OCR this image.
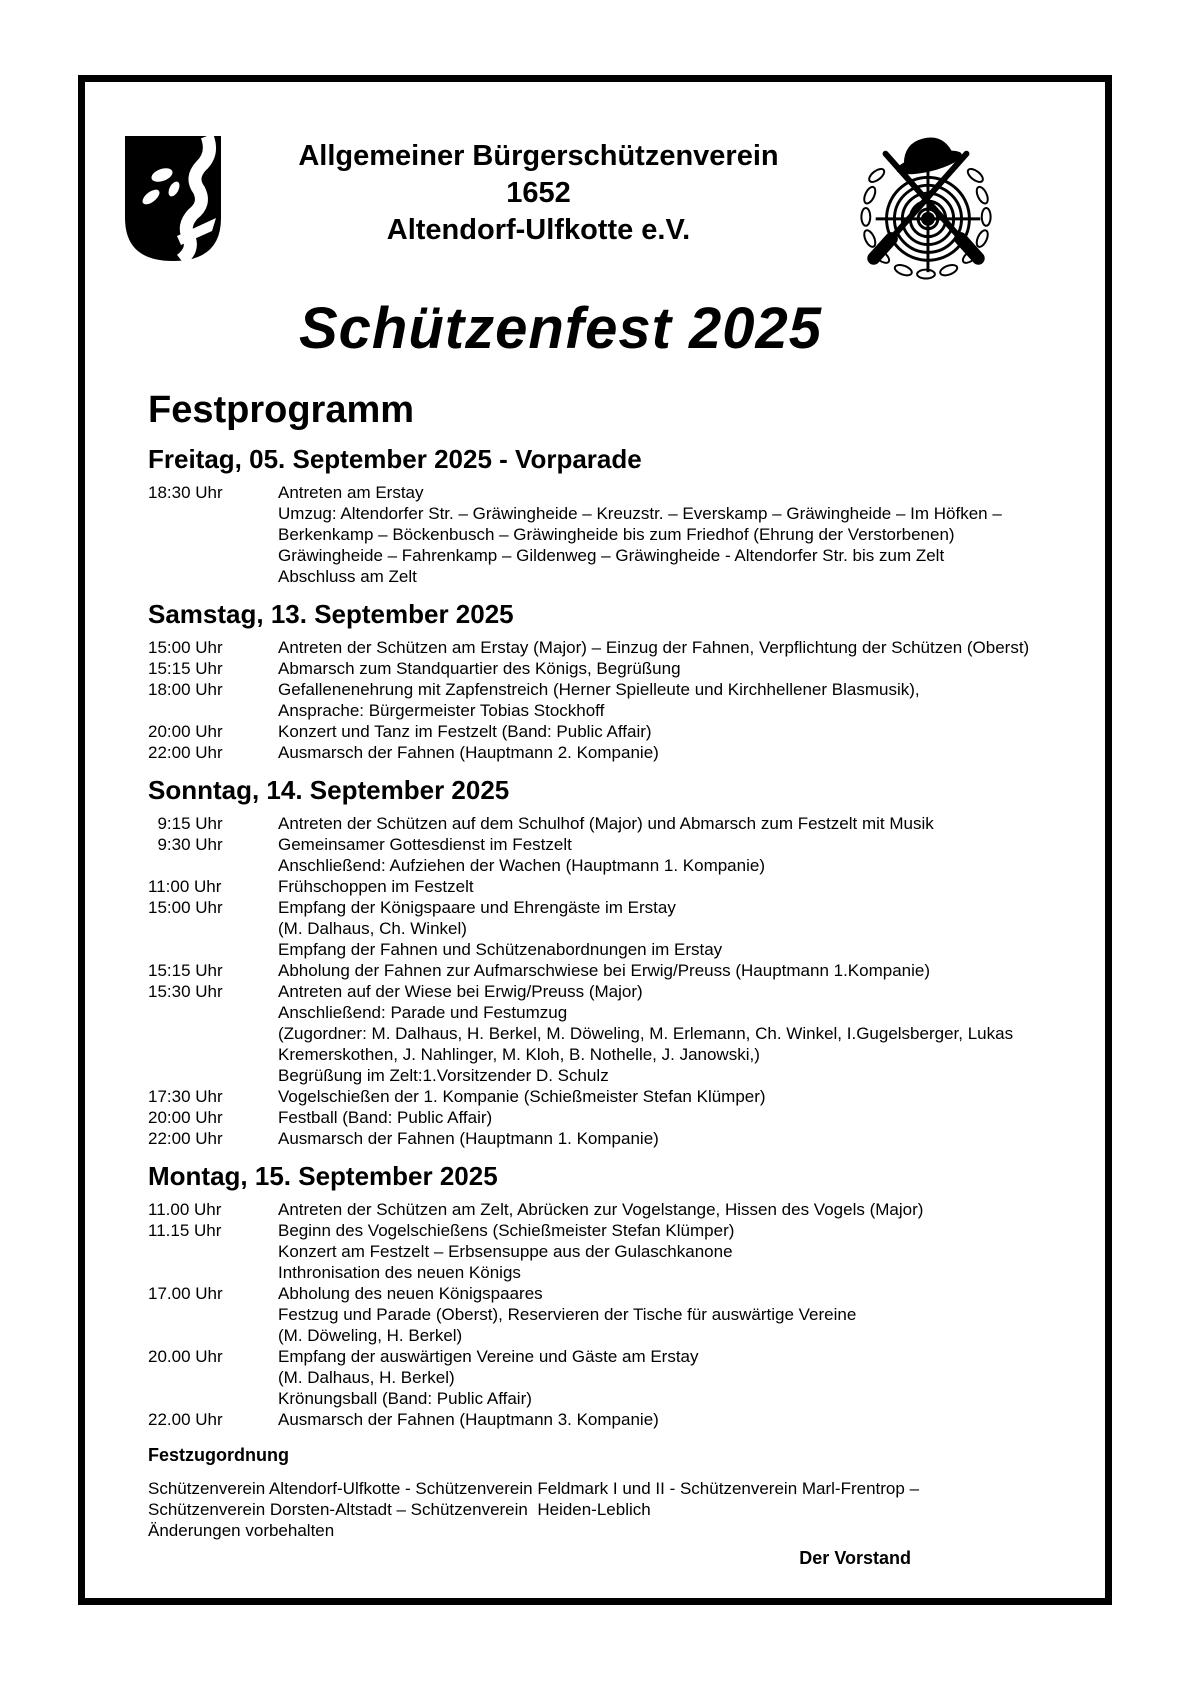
Allgemeiner Bürgerschützenverein
1652
Altendorf-Ulfkotte e.V.
Schützenfest 2025
Festprogramm
Freitag, 05. September 2025 - Vorparade
18:30 Uhr	Antreten am Erstay
Umzug: Altendorfer Str. – Gräwingheide – Kreuzstr. – Everskamp – Gräwingheide – Im Höfken –
Berkenkamp – Böckenbusch – Gräwingheide bis zum Friedhof (Ehrung der Verstorbenen)
Gräwingheide – Fahrenkamp – Gildenweg – Gräwingheide - Altendorfer Str. bis zum Zelt
Abschluss am Zelt
Samstag, 13. September 2025
15:00 Uhr	Antreten der Schützen am Erstay (Major) – Einzug der Fahnen, Verpflichtung der Schützen (Oberst)
15:15 Uhr	Abmarsch zum Standquartier des Königs, Begrüßung
18:00 Uhr	Gefallenenehrung mit Zapfenstreich (Herner Spielleute und Kirchhellener Blasmusik),
Ansprache: Bürgermeister Tobias Stockhoff
20:00 Uhr	Konzert und Tanz im Festzelt (Band: Public Affair)
22:00 Uhr	Ausmarsch der Fahnen (Hauptmann 2. Kompanie)
Sonntag, 14. September 2025
9:15 Uhr	Antreten der Schützen auf dem Schulhof (Major) und Abmarsch zum Festzelt mit Musik
9:30 Uhr	Gemeinsamer Gottesdienst im Festzelt
Anschließend: Aufziehen der Wachen (Hauptmann 1. Kompanie)
11:00 Uhr	Frühschoppen im Festzelt
15:00 Uhr	Empfang der Königspaare und Ehrengäste im Erstay
(M. Dalhaus, Ch. Winkel)
Empfang der Fahnen und Schützenabordnungen im Erstay
15:15 Uhr	Abholung der Fahnen zur Aufmarschwiese bei Erwig/Preuss (Hauptmann 1.Kompanie)
15:30 Uhr	Antreten auf der Wiese bei Erwig/Preuss (Major)
Anschließend: Parade und Festumzug
(Zugordner: M. Dalhaus, H. Berkel, M. Döweling, M. Erlemann, Ch. Winkel, I.Gugelsberger, Lukas
Kremerskothen, J. Nahlinger, M. Kloh, B. Nothelle, J. Janowski,)
Begrüßung im Zelt:1.Vorsitzender D. Schulz
17:30 Uhr	Vogelschießen der 1. Kompanie (Schießmeister Stefan Klümper)
20:00 Uhr	Festball (Band: Public Affair)
22:00 Uhr	Ausmarsch der Fahnen (Hauptmann 1. Kompanie)
Montag, 15. September 2025
11.00 Uhr	Antreten der Schützen am Zelt, Abrücken zur Vogelstange, Hissen des Vogels (Major)
11.15 Uhr	Beginn des Vogelschießens (Schießmeister Stefan Klümper)
Konzert am Festzelt – Erbsensuppe aus der Gulaschkanone
Inthronisation des neuen Königs
17.00 Uhr	Abholung des neuen Königspaares
Festzug und Parade (Oberst), Reservieren der Tische für auswärtige Vereine
(M. Döweling, H. Berkel)
20.00 Uhr	Empfang der auswärtigen Vereine und Gäste am Erstay
(M. Dalhaus, H. Berkel)
Krönungsball (Band: Public Affair)
22.00 Uhr	Ausmarsch der Fahnen (Hauptmann 3. Kompanie)
Festzugordnung
Schützenverein Altendorf-Ulfkotte - Schützenverein Feldmark I und II - Schützenverein Marl-Frentrop –
Schützenverein Dorsten-Altstadt – Schützenverein  Heiden-Leblich
Änderungen vorbehalten
Der Vorstand
